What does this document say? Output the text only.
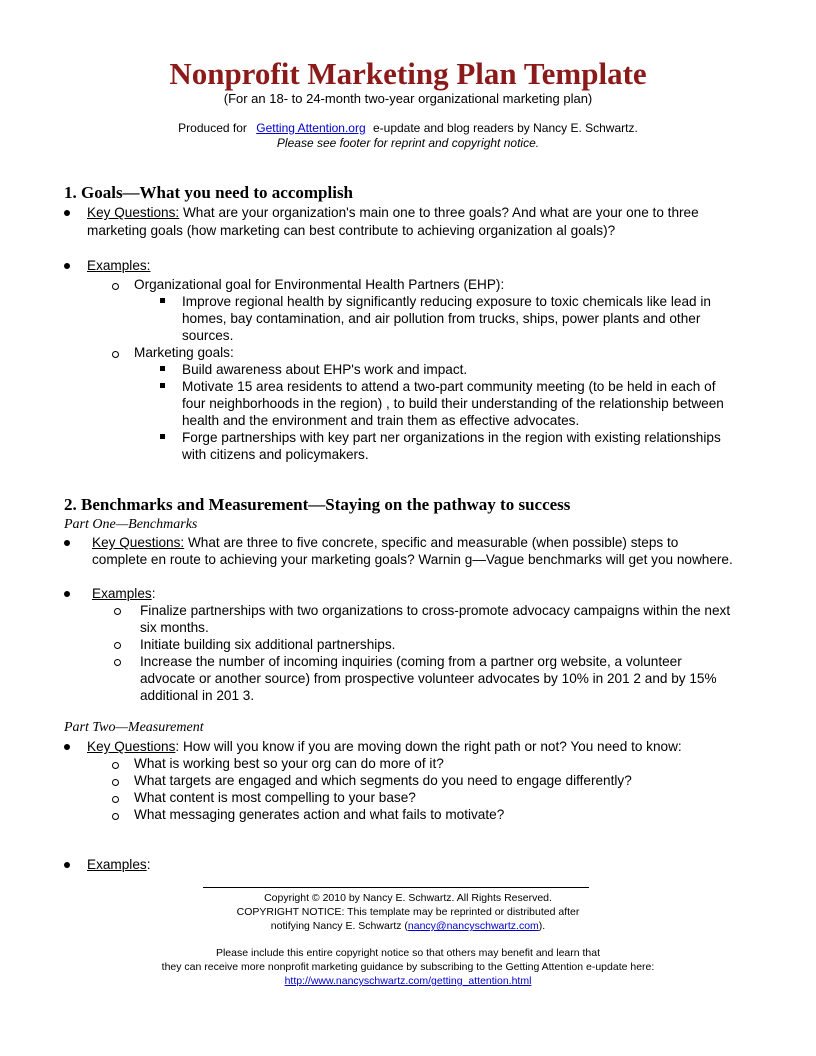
Nonprofit Marketing Plan Template
(For an 18- to 24-month two-year organizational marketing plan)
Produced for Getting Attention.org e-update and blog readers by Nancy E. Schwartz.
Please see footer for reprint and copyright notice.
1. Goals—What you need to accomplish
Key Questions: What are your organization's main one to three goals? And what are your one to three
marketing goals (how marketing can best contribute to achieving organization al goals)?
Examples:
Organizational goal for Environmental Health Partners (EHP):
Improve regional health by significantly reducing exposure to toxic chemicals like lead in
homes, bay contamination, and air pollution from trucks, ships, power plants and other
sources.
Marketing goals:
Build awareness about EHP's work and impact.
Motivate 15 area residents to attend a two-part community meeting (to be held in each of
four neighborhoods in the region) , to build their understanding of the relationship between
health and the environment and train them as effective advocates.
Forge partnerships with key part ner organizations in the region with existing relationships
with citizens and policymakers.
2. Benchmarks and Measurement—Staying on the pathway to success
Part One—Benchmarks
Key Questions: What are three to five concrete, specific and measurable (when possible) steps to
complete en route to achieving your marketing goals? Warnin g—Vague benchmarks will get you nowhere.
Examples:
Finalize partnerships with two organizations to cross-promote advocacy campaigns within the next
six months.
Initiate building six additional partnerships.
Increase the number of incoming inquiries (coming from a partner org website, a volunteer
advocate or another source) from prospective volunteer advocates by 10% in 201 2 and by 15%
additional in 201 3.
Part Two—Measurement
Key Questions: How will you know if you are moving down the right path or not? You need to know:
What is working best so your org can do more of it?
What targets are engaged and which segments do you need to engage differently?
What content is most compelling to your base?
What messaging generates action and what fails to motivate?
Examples:
Copyright © 2010 by Nancy E. Schwartz. All Rights Reserved.
COPYRIGHT NOTICE: This template may be reprinted or distributed after
notifying Nancy E. Schwartz (nancy@nancyschwartz.com).
Please include this entire copyright notice so that others may benefit and learn that
they can receive more nonprofit marketing guidance by subscribing to the Getting Attention e-update here:
http://www.nancyschwartz.com/getting_attention.html
